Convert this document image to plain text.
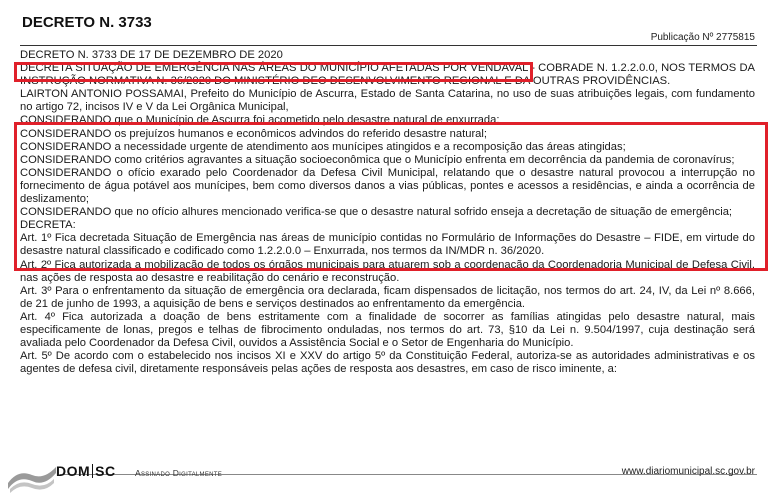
DECRETO N. 3733
Publicação Nº 2775815

DECRETO N. 3733 DE 17 DE DEZEMBRO DE 2020

DECRETA SITUAÇÃO DE EMERGÊNCIA NAS ÁREAS DO MUNICÍPIO AFETADAS POR VENDAVAL - COBRADE N. 1.2.2.0.0, NOS TERMOS DA INSTRUÇÃO NORMATIVA N. 36/2020 DO MINISTÉRIO DEO DESENVOLVIMENTO REGIONAL E DA OUTRAS PROVIDÊNCIAS.

LAIRTON ANTONIO POSSAMAI, Prefeito do Município de Ascurra, Estado de Santa Catarina, no uso de suas atribuições legais, com fundamento no artigo 72, incisos IV e V da Lei Orgânica Municipal,

CONSIDERANDO que o Município de Ascurra foi acometido pelo desastre natural de enxurrada;

CONSIDERANDO os prejuízos humanos e econômicos advindos do referido desastre natural;

CONSIDERANDO a necessidade urgente de atendimento aos munícipes atingidos e a recomposição das áreas atingidas;

CONSIDERANDO como critérios agravantes a situação socioeconômica que o Município enfrenta em decorrência da pandemia de coronavírus;

CONSIDERANDO o ofício exarado pelo Coordenador da Defesa Civil Municipal, relatando que o desastre natural provocou a interrupção no fornecimento de água potável aos munícipes, bem como diversos danos a vias públicas, pontes e acessos a residências, e ainda a ocorrência de deslizamento;

CONSIDERANDO que no ofício alhures mencionado verifica-se que o desastre natural sofrido enseja a decretação de situação de emergência;

DECRETA:

Art. 1º Fica decretada Situação de Emergência nas áreas de município contidas no Formulário de Informações do Desastre – FIDE, em virtude do desastre natural classificado e codificado como 1.2.2.0.0 – Enxurrada, nos termos da IN/MDR n. 36/2020.

Art. 2º Fica autorizada a mobilização de todos os órgãos municipais para atuarem sob a coordenação da Coordenadoria Municipal de Defesa Civil, nas ações de resposta ao desastre e reabilitação do cenário e reconstrução.

Art. 3º Para o enfrentamento da situação de emergência ora declarada, ficam dispensados de licitação, nos termos do art. 24, IV, da Lei nº 8.666, de 21 de junho de 1993, a aquisição de bens e serviços destinados ao enfrentamento da emergência.

Art. 4º Fica autorizada a doação de bens estritamente com a finalidade de socorrer as famílias atingidas pelo desastre natural, mais especificamente de lonas, pregos e telhas de fibrocimento onduladas, nos termos do art. 73, §10 da Lei n. 9.504/1997, cuja destinação será avaliada pelo Coordenador da Defesa Civil, ouvidos a Assistência Social e o Setor de Engenharia do Município.

Art. 5º De acordo com o estabelecido nos incisos XI e XXV do artigo 5º da Constituição Federal, autoriza-se as autoridades administrativas e os agentes de defesa civil, diretamente responsáveis pelas ações de resposta aos desastres, em caso de risco iminente, a:

DOM SC Assinado Digitalmente	www.diariomunicipal.sc.gov.br
